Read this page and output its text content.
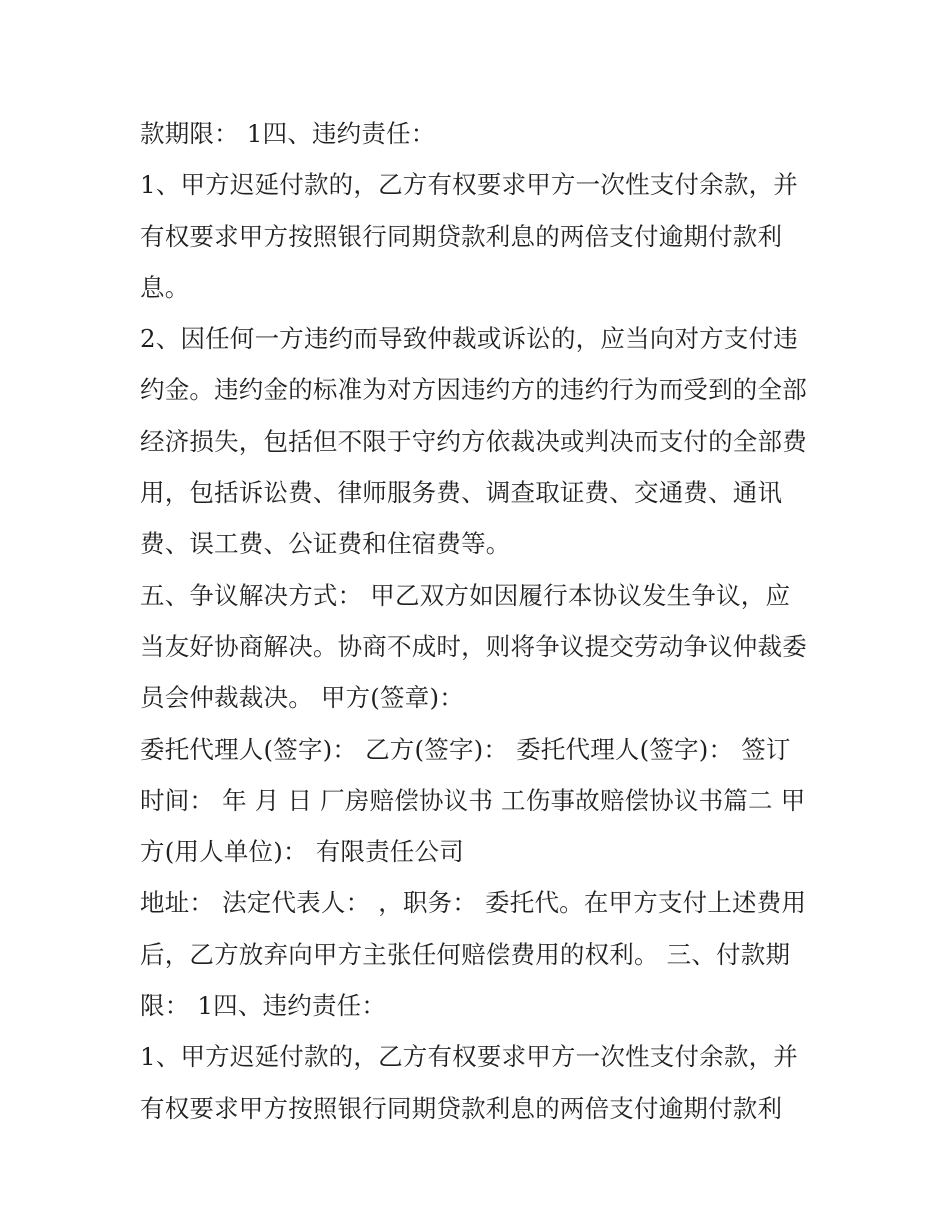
款期限： 1四、违约责任：
1、甲方迟延付款的，乙方有权要求甲方一次性支付余款，并
有权要求甲方按照银行同期贷款利息的两倍支付逾期付款利
息。
2、因任何一方违约而导致仲裁或诉讼的，应当向对方支付违
约金。违约金的标准为对方因违约方的违约行为而受到的全部
经济损失，包括但不限于守约方依裁决或判决而支付的全部费
用，包括诉讼费、律师服务费、调查取证费、交通费、通讯
费、误工费、公证费和住宿费等。
五、争议解决方式： 甲乙双方如因履行本协议发生争议，应
当友好协商解决。协商不成时，则将争议提交劳动争议仲裁委
员会仲裁裁决。 甲方(签章)：
委托代理人(签字)： 乙方(签字)： 委托代理人(签字)： 签订
时间： 年 月 日 厂房赔偿协议书 工伤事故赔偿协议书篇二 甲
方(用人单位)： 有限责任公司
地址： 法定代表人： ，职务： 委托代。在甲方支付上述费用
后，乙方放弃向甲方主张任何赔偿费用的权利。 三、付款期
限： 1四、违约责任：
1、甲方迟延付款的，乙方有权要求甲方一次性支付余款，并
有权要求甲方按照银行同期贷款利息的两倍支付逾期付款利
